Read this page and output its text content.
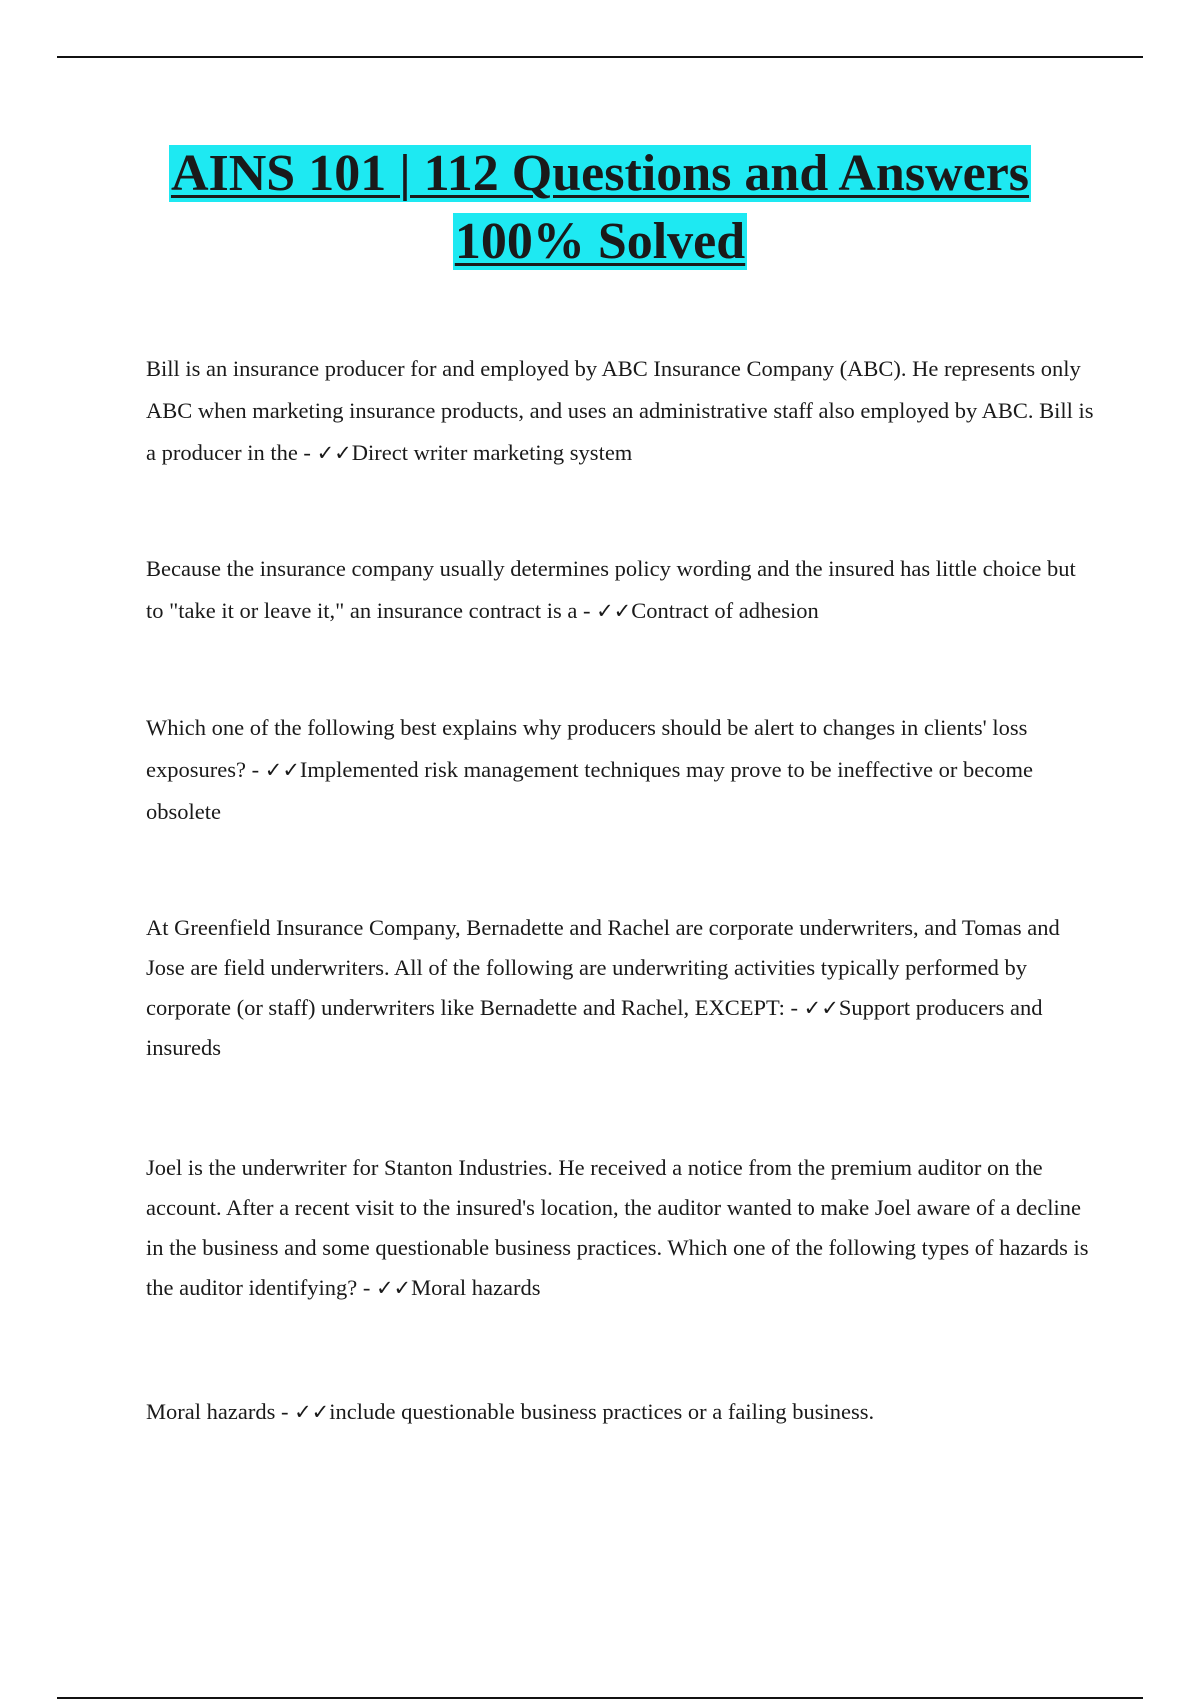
AINS 101 | 112 Questions and Answers
100% Solved

Bill is an insurance producer for and employed by ABC Insurance Company (ABC). He represents only ABC when marketing insurance products, and uses an administrative staff also employed by ABC. Bill is a producer in the - ✓✓Direct writer marketing system

Because the insurance company usually determines policy wording and the insured has little choice but to "take it or leave it," an insurance contract is a - ✓✓Contract of adhesion

Which one of the following best explains why producers should be alert to changes in clients' loss exposures? - ✓✓Implemented risk management techniques may prove to be ineffective or become obsolete

At Greenfield Insurance Company, Bernadette and Rachel are corporate underwriters, and Tomas and Jose are field underwriters. All of the following are underwriting activities typically performed by corporate (or staff) underwriters like Bernadette and Rachel, EXCEPT: - ✓✓Support producers and insureds

Joel is the underwriter for Stanton Industries. He received a notice from the premium auditor on the account. After a recent visit to the insured's location, the auditor wanted to make Joel aware of a decline in the business and some questionable business practices. Which one of the following types of hazards is the auditor identifying? - ✓✓Moral hazards

Moral hazards - ✓✓include questionable business practices or a failing business.
